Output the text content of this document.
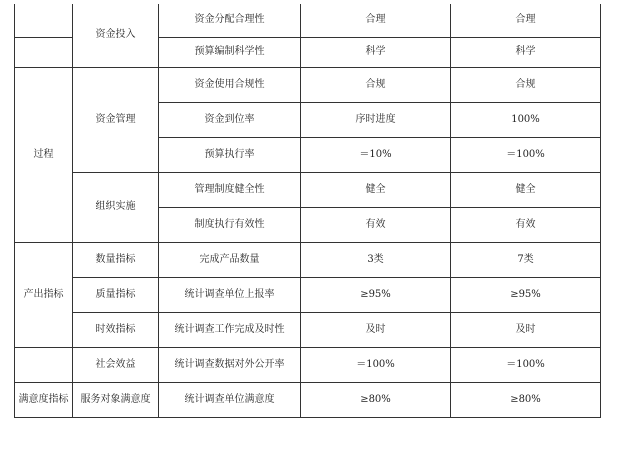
	资金投入	资金分配合理性	合理	合理
		预算编制科学性	科学	科学
过程	资金管理	资金使用合规性	合规	合规
		资金到位率	序时进度	100%
		预算执行率	＝10%	＝100%
	组织实施	管理制度健全性	健全	健全
		制度执行有效性	有效	有效
产出指标	数量指标	完成产品数量	3类	7类
	质量指标	统计调查单位上报率	≥95%	≥95%
	时效指标	统计调查工作完成及时性	及时	及时
	社会效益	统计调查数据对外公开率	＝100%	＝100%
满意度指标	服务对象满意度	统计调查单位满意度	≥80%	≥80%
